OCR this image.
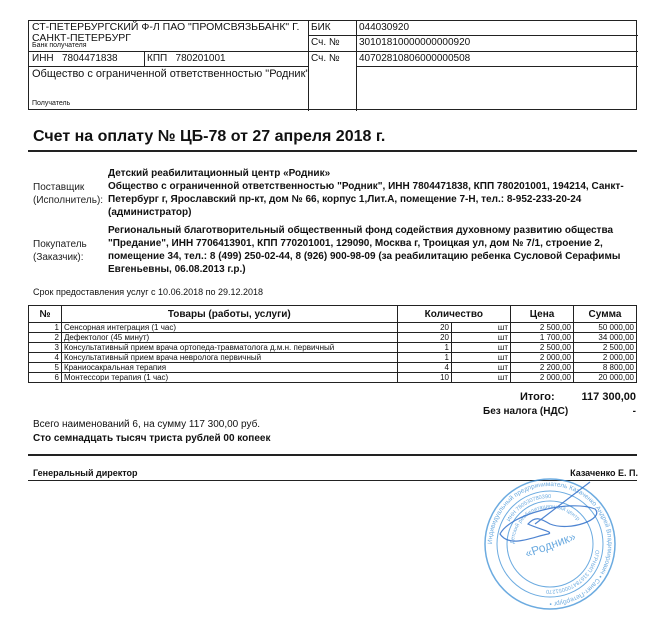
СТ-ПЕТЕРБУРГСКИЙ Ф-Л ПАО "ПРОМСВЯЗЬБАНК" Г. САНКТ-ПЕТЕРБУРГ
Банк получателя
БИК	044030920
Сч. №	30101810000000000920
ИНН 7804471838	КПП 780201001	Сч. №	40702810806000000508
Общество с ограниченной ответственностью "Родник"
Получатель
Счет на оплату № ЦБ-78 от 27 апреля 2018 г.
Поставщик
(Исполнитель):
Детский реабилитационный центр «Родник»
Общество с ограниченной ответственностью "Родник", ИНН 7804471838, КПП 780201001, 194214, Санкт-Петербург г, Ярославский пр-кт, дом № 66, корпус 1,Лит.А, помещение 7-Н, тел.: 8-952-233-20-24 (администратор)
Покупатель
(Заказчик):
Региональный благотворительный общественный фонд содействия духовному развитию общества "Предание", ИНН 7706413901, КПП 770201001, 129090, Москва г, Троицкая ул, дом № 7/1, строение 2, помещение 34, тел.: 8 (499) 250-02-44, 8 (926) 900-98-09 (за реабилитацию ребенка Сусловой Серафимы Евгеньевны, 06.08.2013 г.р.)
Срок предоставления услуг с 10.06.2018 по 29.12.2018
№	Товары (работы, услуги)	Количество		Цена	Сумма
1	Сенсорная интеграция (1 час)	20	шт	2 500,00	50 000,00
2	Дефектолог (45 минут)	20	шт	1 700,00	34 000,00
3	Консультативный прием врача ортопеда-травматолога д.м.н. первичный	1	шт	2 500,00	2 500,00
4	Консультативный прием врача невролога первичный	1	шт	2 000,00	2 000,00
5	Краниосакральная терапия	4	шт	2 200,00	8 800,00
6	Монтессори терапия (1 час)	10	шт	2 000,00	20 000,00
Итого: 117 300,00
Без налога (НДС)	-
Всего наименований 6, на сумму 117 300,00 руб.
Сто семнадцать тысяч триста рублей 00 копеек
Генеральный директор	Казаченко Е. П.
Индивидуальный предприниматель Казаченко Андрей Владимирович • Санкт-Петербург •
ОГРНИП 316784700051270
ИНН 780530780390
Детский реабилитационный центр
«Родник»
